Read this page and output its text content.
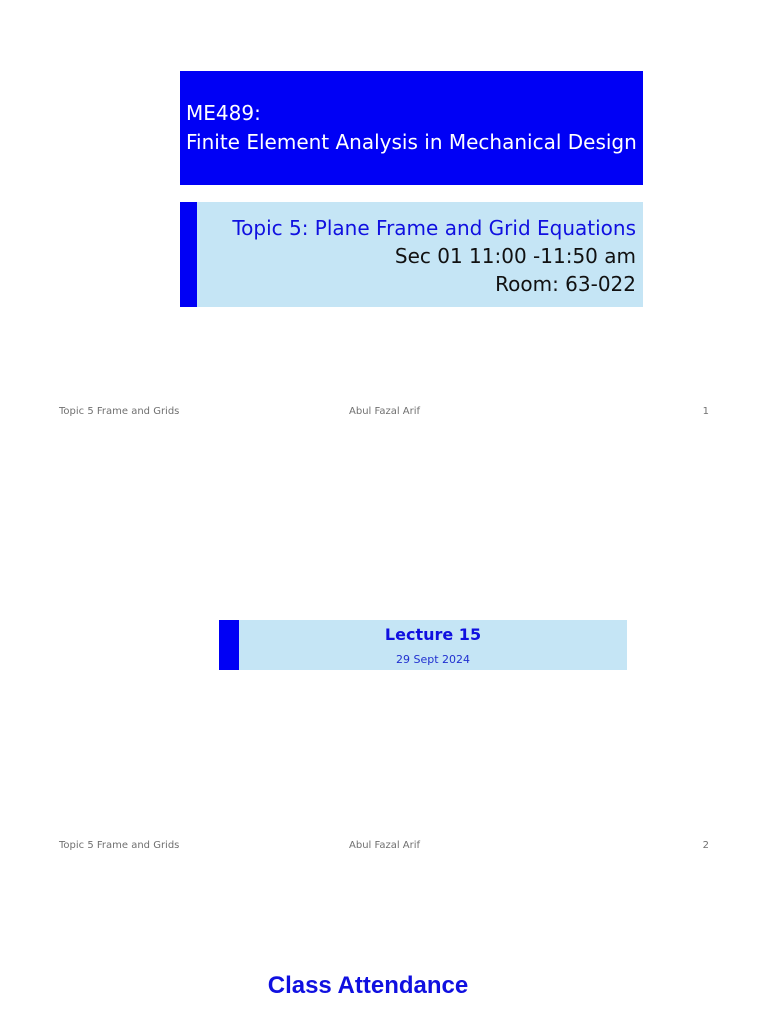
ME489:
Finite Element Analysis in Mechanical Design
Topic 5: Plane Frame and Grid Equations
Sec 01 11:00 -11:50 am
Room: 63-022
Topic 5 Frame and Grids	Abul Fazal Arif	1
Lecture 15
29 Sept 2024
Topic 5 Frame and Grids	Abul Fazal Arif	2
Class Attendance
